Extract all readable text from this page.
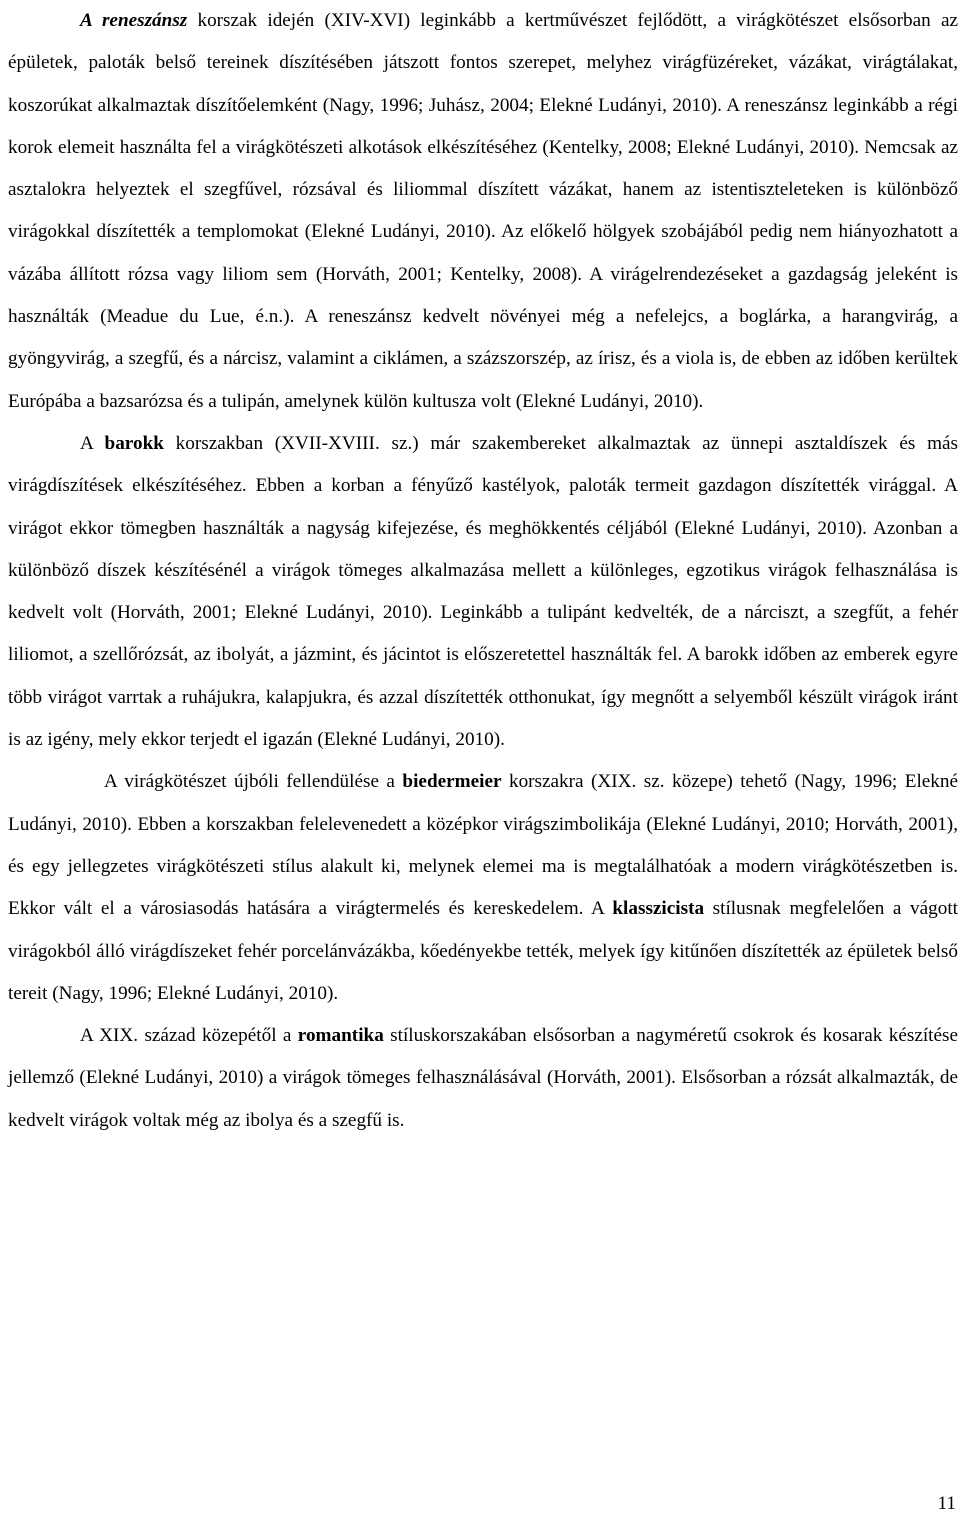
A reneszánsz korszak idején (XIV-XVI) leginkább a kertművészet fejlődött, a virágkötészet elsősorban az épületek, paloták belső tereinek díszítésében játszott fontos szerepet, melyhez virágfüzéreket, vázákat, virágtálakat, koszorúkat alkalmaztak díszítőelemként (Nagy, 1996; Juhász, 2004; Elekné Ludányi, 2010). A reneszánsz leginkább a régi korok elemeit használta fel a virágkötészeti alkotások elkészítéséhez (Kentelky, 2008; Elekné Ludányi, 2010). Nemcsak az asztalokra helyeztek el szegfűvel, rózsával és liliommal díszített vázákat, hanem az istentiszteleteken is különböző virágokkal díszítették a templomokat (Elekné Ludányi, 2010). Az előkelő hölgyek szobájából pedig nem hiányozhatott a vázába állított rózsa vagy liliom sem (Horváth, 2001; Kentelky, 2008). A virágelrendezéseket a gazdagság jeleként is használták (Meadue du Lue, é.n.). A reneszánsz kedvelt növényei még a nefelejcs, a boglárka, a harangvirág, a gyöngyvirág, a szegfű, és a nárcisz, valamint a ciklámen, a százszorszép, az írisz, és a viola is, de ebben az időben kerültek Európába a bazsarózsa és a tulipán, amelynek külön kultusza volt (Elekné Ludányi, 2010).

A barokk korszakban (XVII-XVIII. sz.) már szakembereket alkalmaztak az ünnepi asztaldíszek és más virágdíszítések elkészítéséhez. Ebben a korban a fényűző kastélyok, paloták termeit gazdagon díszítették virággal. A virágot ekkor tömegben használták a nagyság kifejezése, és meghökkentés céljából (Elekné Ludányi, 2010). Azonban a különböző díszek készítésénél a virágok tömeges alkalmazása mellett a különleges, egzotikus virágok felhasználása is kedvelt volt (Horváth, 2001; Elekné Ludányi, 2010). Leginkább a tulipánt kedvelték, de a nárciszt, a szegfűt, a fehér liliomot, a szellőrózsát, az ibolyát, a jázmint, és jácintot is előszeretettel használták fel. A barokk időben az emberek egyre több virágot varrtak a ruhájukra, kalapjukra, és azzal díszítették otthonukat, így megnőtt a selyemből készült virágok iránt is az igény, mely ekkor terjedt el igazán (Elekné Ludányi, 2010).

A virágkötészet újbóli fellendülése a biedermeier korszakra (XIX. sz. közepe) tehető (Nagy, 1996; Elekné Ludányi, 2010). Ebben a korszakban felelevenedett a középkor virágszimbolikája (Elekné Ludányi, 2010; Horváth, 2001), és egy jellegzetes virágkötészeti stílus alakult ki, melynek elemei ma is megtalálhatóak a modern virágkötészetben is. Ekkor vált el a városiasodás hatására a virágtermelés és kereskedelem. A klasszicista stílusnak megfelelően a vágott virágokból álló virágdíszeket fehér porcelánvázákba, kőedényekbe tették, melyek így kitűnően díszítették az épületek belső tereit (Nagy, 1996; Elekné Ludányi, 2010).

A XIX. század közepétől a romantika stíluskorszakában elsősorban a nagyméretű csokrok és kosarak készítése jellemző (Elekné Ludányi, 2010) a virágok tömeges felhasználásával (Horváth, 2001). Elsősorban a rózsát alkalmazták, de kedvelt virágok voltak még az ibolya és a szegfű is.

11
